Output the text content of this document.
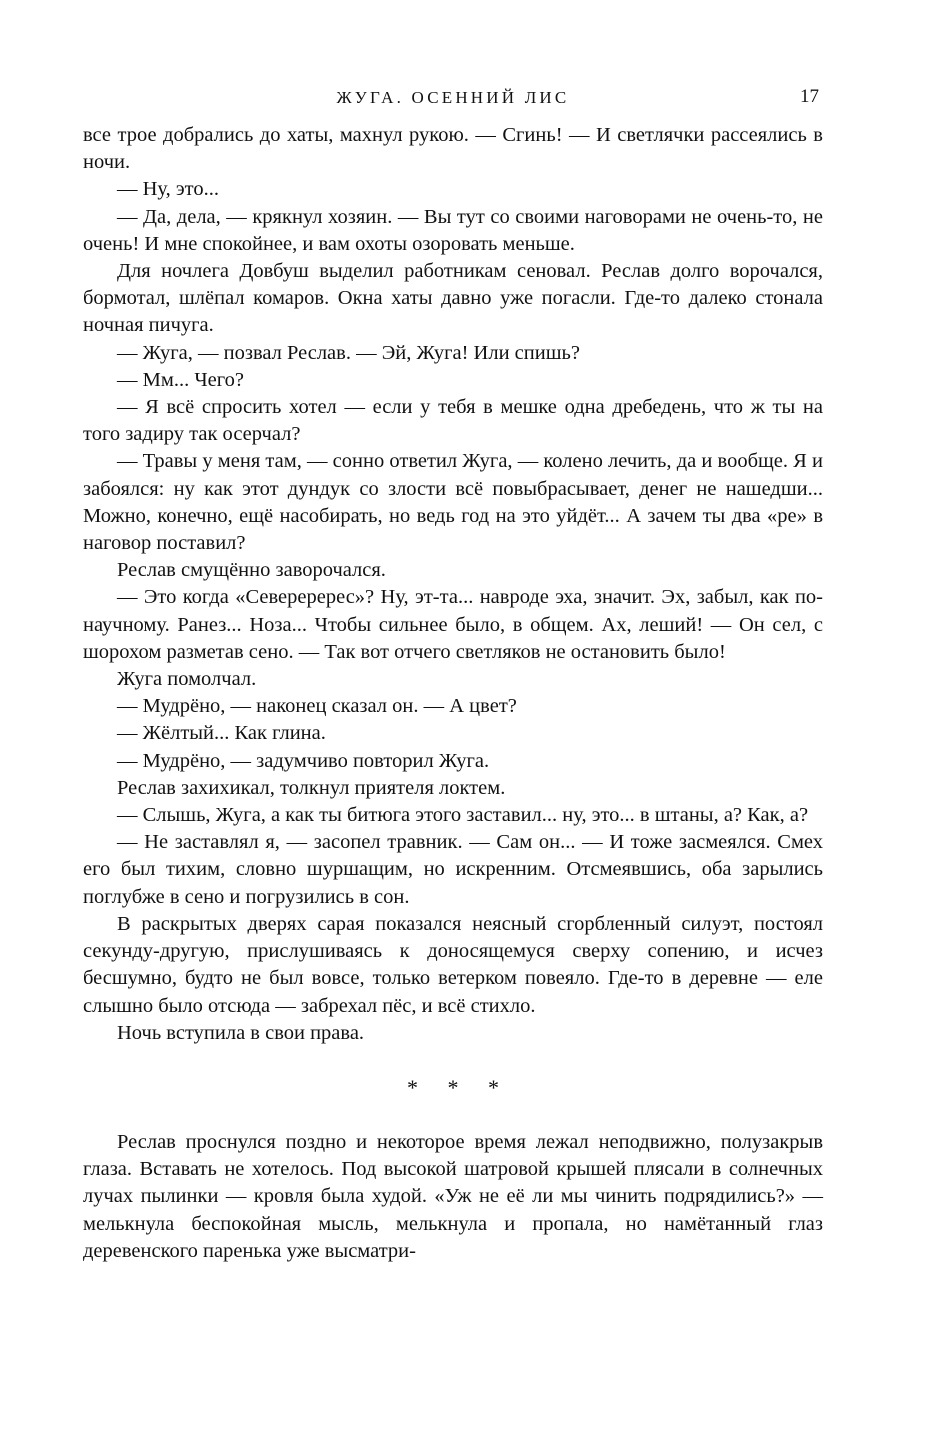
ЖУГА. ОСЕННИЙ ЛИС	17

все трое добрались до хаты, махнул рукою. — Сгинь! — И светлячки рассеялись в ночи.

— Ну, это...

— Да, дела, — крякнул хозяин. — Вы тут со своими наговорами не очень-то, не очень! И мне спокойнее, и вам охоты озоровать меньше.

Для ночлега Довбуш выделил работникам сеновал. Реслав долго ворочался, бормотал, шлёпал комаров. Окна хаты давно уже погасли. Где-то далеко стонала ночная пичуга.

— Жуга, — позвал Реслав. — Эй, Жуга! Или спишь?

— Мм... Чего?

— Я всё спросить хотел — если у тебя в мешке одна дребедень, что ж ты на того задиру так осерчал?

— Травы у меня там, — сонно ответил Жуга, — колено лечить, да и вообще. Я и забоялся: ну как этот дундук со злости всё повыбрасывает, денег не нашедши... Можно, конечно, ещё насобирать, но ведь год на это уйдёт... А зачем ты два «ре» в наговор поставил?

Реслав смущённо заворочался.

— Это когда «Севереререс»? Ну, эт-та... навроде эха, значит. Эх, забыл, как по-научному. Ранез... Ноза... Чтобы сильнее было, в общем. Ах, леший! — Он сел, с шорохом разметав сено. — Так вот отчего светляков не остановить было!

Жуга помолчал.

— Мудрёно, — наконец сказал он. — А цвет?

— Жёлтый... Как глина.

— Мудрёно, — задумчиво повторил Жуга.

Реслав захихикал, толкнул приятеля локтем.

— Слышь, Жуга, а как ты битюга этого заставил... ну, это... в штаны, а? Как, а?

— Не заставлял я, — засопел травник. — Сам он... — И тоже засмеялся. Смех его был тихим, словно шуршащим, но искренним. Отсмеявшись, оба зарылись поглубже в сено и погрузились в сон.

В раскрытых дверях сарая показался неясный сгорбленный силуэт, постоял секунду-другую, прислушиваясь к доносящемуся сверху сопению, и исчез бесшумно, будто не был вовсе, только ветерком повеяло. Где-то в деревне — еле слышно было отсюда — забрехал пёс, и всё стихло.

Ночь вступила в свои права.

* * *

Реслав проснулся поздно и некоторое время лежал неподвижно, полузакрыв глаза. Вставать не хотелось. Под высокой шатровой крышей плясали в солнечных лучах пылинки — кровля была худой. «Уж не её ли мы чинить подрядились?» — мелькнула беспокойная мысль, мелькнула и пропала, но намётанный глаз деревенского паренька уже высматри-
